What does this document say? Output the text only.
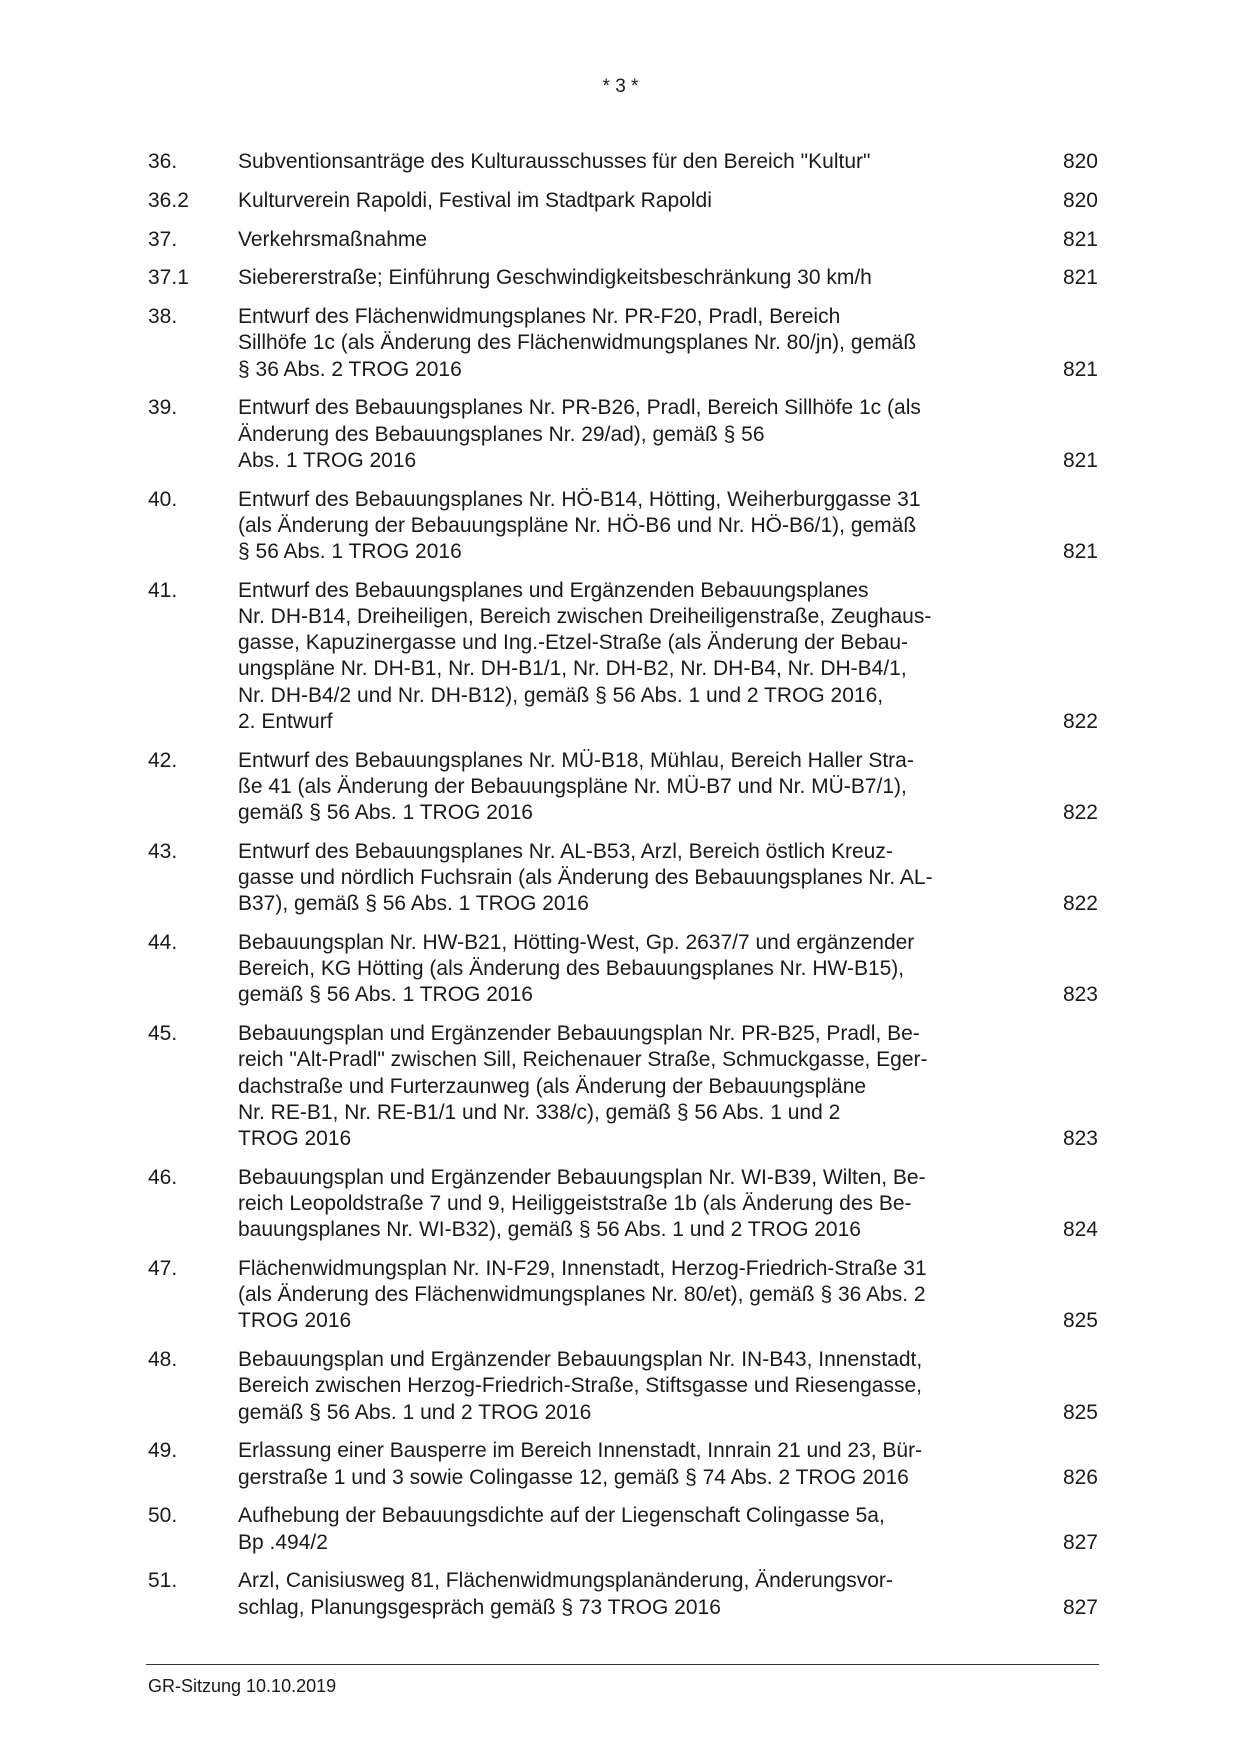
* 3 *
36.	Subventionsanträge des Kulturausschusses für den Bereich "Kultur"	820
36.2	Kulturverein Rapoldi, Festival im Stadtpark Rapoldi	820
37.	Verkehrsmaßnahme	821
37.1	Siebererstraße; Einführung Geschwindigkeitsbeschränkung 30 km/h	821
38.	Entwurf des Flächenwidmungsplanes Nr. PR-F20, Pradl, Bereich
Sillhöfe 1c (als Änderung des Flächenwidmungsplanes Nr. 80/jn), gemäß
§ 36 Abs. 2 TROG 2016	821
39.	Entwurf des Bebauungsplanes Nr. PR-B26, Pradl, Bereich Sillhöfe 1c (als
Änderung des Bebauungsplanes Nr. 29/ad), gemäß § 56
Abs. 1 TROG 2016	821
40.	Entwurf des Bebauungsplanes Nr. HÖ-B14, Hötting, Weiherburggasse 31
(als Änderung der Bebauungspläne Nr. HÖ-B6 und Nr. HÖ-B6/1), gemäß
§ 56 Abs. 1 TROG 2016	821
41.	Entwurf des Bebauungsplanes und Ergänzenden Bebauungsplanes
Nr. DH-B14, Dreiheiligen, Bereich zwischen Dreiheiligenstraße, Zeughaus-
gasse, Kapuzinergasse und Ing.-Etzel-Straße (als Änderung der Bebau-
ungspläne Nr. DH-B1, Nr. DH-B1/1, Nr. DH-B2, Nr. DH-B4, Nr. DH-B4/1,
Nr. DH-B4/2 und Nr. DH-B12), gemäß § 56 Abs. 1 und 2 TROG 2016,
2. Entwurf	822
42.	Entwurf des Bebauungsplanes Nr. MÜ-B18, Mühlau, Bereich Haller Stra-
ße 41 (als Änderung der Bebauungspläne Nr. MÜ-B7 und Nr. MÜ-B7/1),
gemäß § 56 Abs. 1 TROG 2016	822
43.	Entwurf des Bebauungsplanes Nr. AL-B53, Arzl, Bereich östlich Kreuz-
gasse und nördlich Fuchsrain (als Änderung des Bebauungsplanes Nr. AL-
B37), gemäß § 56 Abs. 1 TROG 2016	822
44.	Bebauungsplan Nr. HW-B21, Hötting-West, Gp. 2637/7 und ergänzender
Bereich, KG Hötting (als Änderung des Bebauungsplanes Nr. HW-B15),
gemäß § 56 Abs. 1 TROG 2016	823
45.	Bebauungsplan und Ergänzender Bebauungsplan Nr. PR-B25, Pradl, Be-
reich "Alt-Pradl" zwischen Sill, Reichenauer Straße, Schmuckgasse, Eger-
dachstraße und Furterzaunweg (als Änderung der Bebauungspläne
Nr. RE-B1, Nr. RE-B1/1 und Nr. 338/c), gemäß § 56 Abs. 1 und 2
TROG 2016	823
46.	Bebauungsplan und Ergänzender Bebauungsplan Nr. WI-B39, Wilten, Be-
reich Leopoldstraße 7 und 9, Heiliggeiststraße 1b (als Änderung des Be-
bauungsplanes Nr. WI-B32), gemäß § 56 Abs. 1 und 2 TROG 2016	824
47.	Flächenwidmungsplan Nr. IN-F29, Innenstadt, Herzog-Friedrich-Straße 31
(als Änderung des Flächenwidmungsplanes Nr. 80/et), gemäß § 36 Abs. 2
TROG 2016	825
48.	Bebauungsplan und Ergänzender Bebauungsplan Nr. IN-B43, Innenstadt,
Bereich zwischen Herzog-Friedrich-Straße, Stiftsgasse und Riesengasse,
gemäß § 56 Abs. 1 und 2 TROG 2016	825
49.	Erlassung einer Bausperre im Bereich Innenstadt, Innrain 21 und 23, Bür-
gerstraße 1 und 3 sowie Colingasse 12, gemäß § 74 Abs. 2 TROG 2016	826
50.	Aufhebung der Bebauungsdichte auf der Liegenschaft Colingasse 5a,
Bp .494/2	827
51.	Arzl, Canisiusweg 81, Flächenwidmungsplanänderung, Änderungsvor-
schlag, Planungsgespräch gemäß § 73 TROG 2016	827
GR-Sitzung 10.10.2019
